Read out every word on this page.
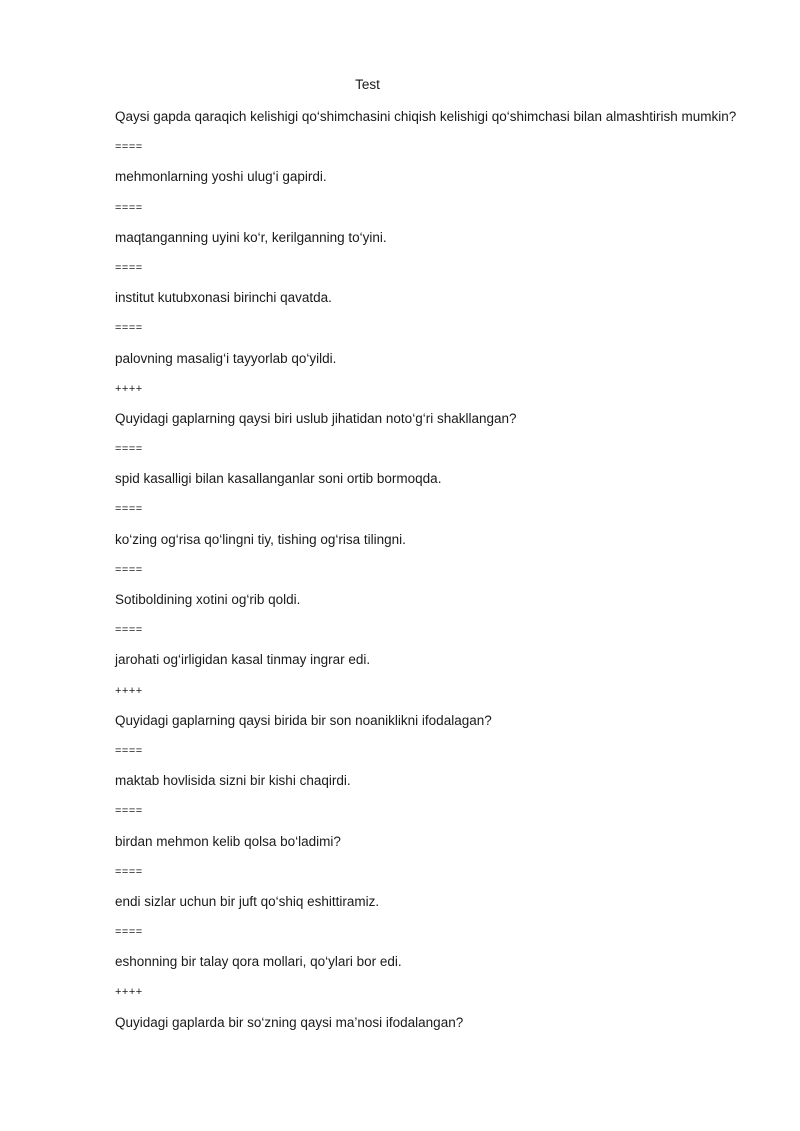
Test
Qaysi gapda qaraqich kelishigi qo‘shimchasini chiqish kelishigi qo‘shimchasi bilan almashtirish mumkin?
====
mehmonlarning yoshi ulug‘i gapirdi.
====
maqtanganning uyini ko‘r, kerilganning to‘yini.
====
institut kutubxonasi birinchi qavatda.
====
palovning masalig‘i tayyorlab qo‘yildi.
++++
Quyidagi gaplarning qaysi biri uslub jihatidan noto‘g‘ri shakllangan?
====
spid kasalligi bilan kasallanganlar soni ortib bormoqda.
====
ko‘zing og‘risa qo‘lingni tiy, tishing og‘risa tilingni.
====
Sotiboldining xotini og‘rib qoldi.
====
jarohati og‘irligidan kasal tinmay ingrar edi.
++++
Quyidagi gaplarning qaysi birida bir son noaniklikni ifodalagan?
====
maktab hovlisida sizni bir kishi chaqirdi.
====
birdan mehmon kelib qolsa bo‘ladimi?
====
endi sizlar uchun bir juft qo‘shiq eshittiramiz.
====
eshonning bir talay qora mollari, qo‘ylari bor edi.
++++
Quyidagi gaplarda bir so‘zning qaysi ma’nosi ifodalangan?
